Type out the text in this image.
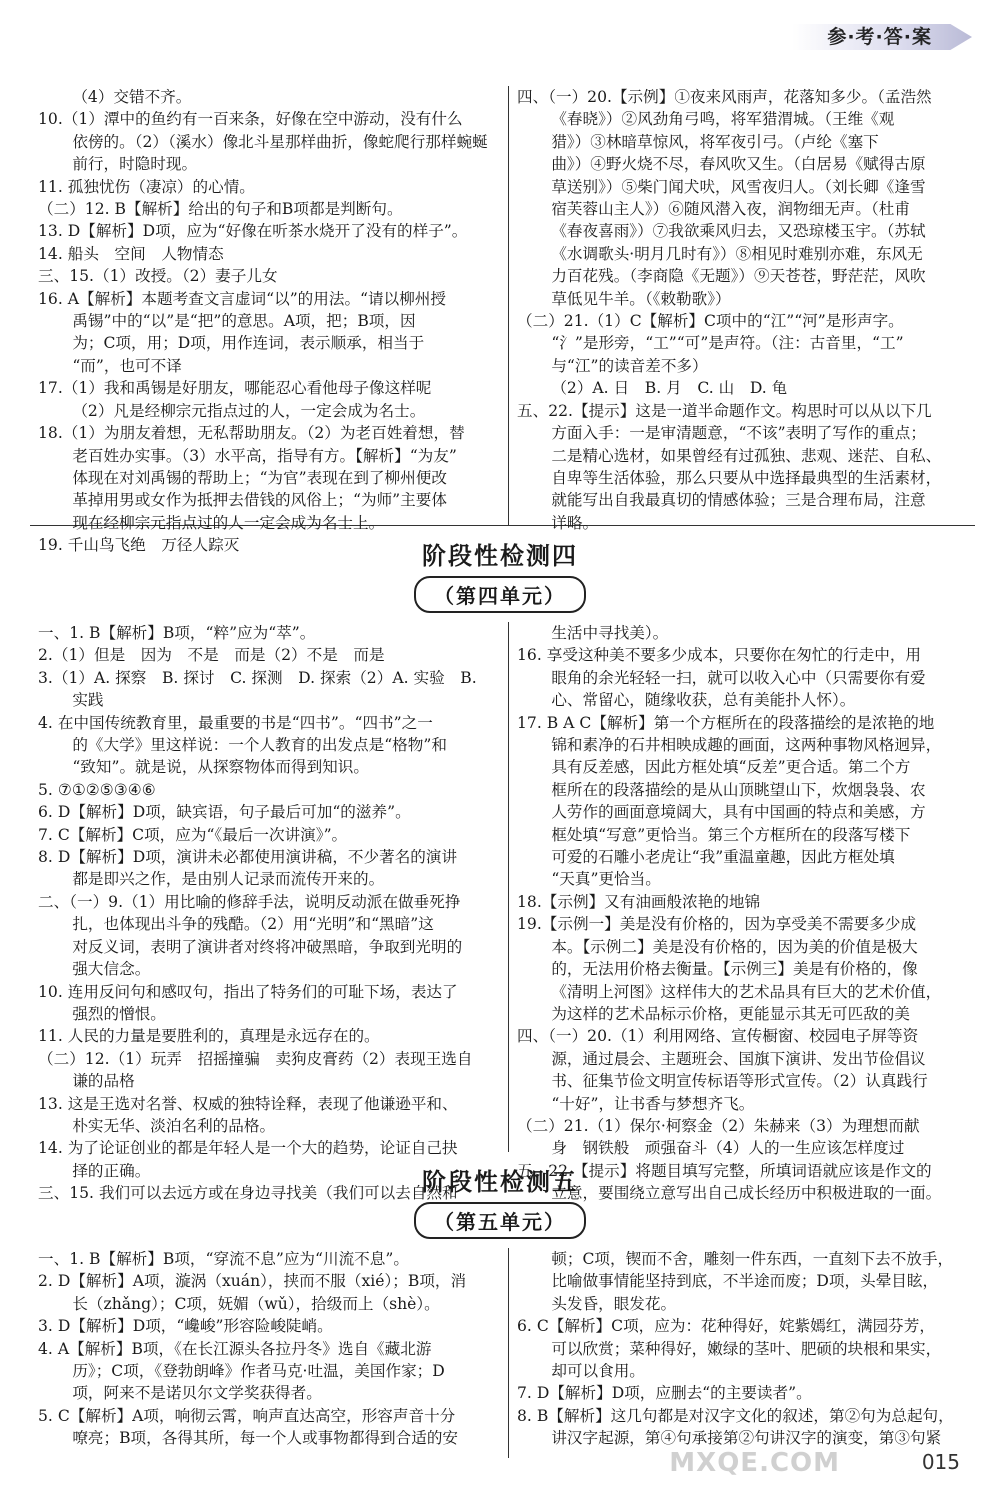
参·考·答·案

（4）交错不齐。

10.（1）潭中的鱼约有一百来条，好像在空中游动，没有什么

依傍的。（2）（溪水）像北斗星那样曲折，像蛇爬行那样蜿蜒

前行，时隐时现。

11. 孤独忧伤（凄凉）的心情。

（二）12. B【解析】给出的句子和B项都是判断句。

13. D【解析】D项，应为“好像在听茶水烧开了没有的样子”。

14. 船头　空间　人物情态

三、15.（1）改授。（2）妻子儿女

16. A【解析】本题考查文言虚词“以”的用法。“请以柳州授

禹锡”中的“以”是“把”的意思。A项，把；B项，因

为；C项，用；D项，用作连词，表示顺承，相当于

“而”，也可不译

17.（1）我和禹锡是好朋友，哪能忍心看他母子像这样呢

（2）凡是经柳宗元指点过的人，一定会成为名士。

18.（1）为朋友着想，无私帮助朋友。（2）为老百姓着想，替

老百姓办实事。（3）水平高，指导有方。【解析】“为友”

体现在对刘禹锡的帮助上；“为官”表现在到了柳州便改

革掉用男或女作为抵押去借钱的风俗上；“为师”主要体

现在经柳宗元指点过的人一定会成为名士上。

19. 千山鸟飞绝　万径人踪灭

四、（一）20.【示例】①夜来风雨声，花落知多少。（孟浩然

《春晓》）②风劲角弓鸣，将军猎渭城。（王维《观

猎》）③林暗草惊风，将军夜引弓。（卢纶《塞下

曲》）④野火烧不尽，春风吹又生。（白居易《赋得古原

草送别》）⑤柴门闻犬吠，风雪夜归人。（刘长卿《逢雪

宿芙蓉山主人》）⑥随风潜入夜，润物细无声。（杜甫

《春夜喜雨》）⑦我欲乘风归去，又恐琼楼玉宇。（苏轼

《水调歌头·明月几时有》）⑧相见时难别亦难，东风无

力百花残。（李商隐《无题》）⑨天苍苍，野茫茫，风吹

草低见牛羊。（《敕勒歌》）

（二）21.（1）C【解析】C项中的“江”“河”是形声字。

“氵”是形旁，“工”“可”是声符。（注：古音里，“工”

与“江”的读音差不多）

（2）A. 日　B. 月　C. 山　D. 龟

五、22.【提示】这是一道半命题作文。构思时可以从以下几

方面入手：一是审清题意，“不该”表明了写作的重点；

二是精心选材，如果曾经有过孤独、悲观、迷茫、自私、

自卑等生活体验，那么只要从中选择最典型的生活素材，

就能写出自我最真切的情感体验；三是合理布局，注意

详略。

阶段性检测四
（第四单元）

一、1. B【解析】B项，“粹”应为“萃”。

2.（1）但是　因为　不是　而是（2）不是　而是

3.（1）A. 探察　B. 探讨　C. 探测　D. 探索（2）A. 实验　B.

实践

4. 在中国传统教育里，最重要的书是“四书”。“四书”之一

的《大学》里这样说：一个人教育的出发点是“格物”和

“致知”。就是说，从探察物体而得到知识。

5. ⑦①②⑤③④⑥

6. D【解析】D项，缺宾语，句子最后可加“的滋养”。

7. C【解析】C项，应为“《最后一次讲演》”。

8. D【解析】D项，演讲未必都使用演讲稿，不少著名的演讲

都是即兴之作，是由别人记录而流传开来的。

二、（一）9.（1）用比喻的修辞手法，说明反动派在做垂死挣

扎，也体现出斗争的残酷。（2）用“光明”和“黑暗”这

对反义词，表明了演讲者对终将冲破黑暗，争取到光明的

强大信念。

10. 连用反问句和感叹句，指出了特务们的可耻下场，表达了

强烈的憎恨。

11. 人民的力量是要胜利的，真理是永远存在的。

（二）12.（1）玩弄　招摇撞骗　卖狗皮膏药（2）表现王选自

谦的品格

13. 这是王选对名誉、权威的独特诠释，表现了他谦逊平和、

朴实无华、淡泊名利的品格。

14. 为了论证创业的都是年轻人是一个大的趋势，论证自己抉

择的正确。

三、15. 我们可以去远方或在身边寻找美（我们可以去自然和

生活中寻找美）。

16. 享受这种美不要多少成本，只要你在匆忙的行走中，用

眼角的余光轻轻一扫，就可以收入心中（只需要你有爱

心、常留心，随缘收获，总有美能扑人怀）。

17. B A C【解析】第一个方框所在的段落描绘的是浓艳的地

锦和素净的石井相映成趣的画面，这两种事物风格迥异，

具有反差感，因此方框处填“反差”更合适。第二个方

框所在的段落描绘的是从山顶眺望山下，炊烟袅袅、农

人劳作的画面意境阔大，具有中国画的特点和美感，方

框处填“写意”更恰当。第三个方框所在的段落写楼下

可爱的石雕小老虎让“我”重温童趣，因此方框处填

“天真”更恰当。

18.【示例】又有油画般浓艳的地锦

19.【示例一】美是没有价格的，因为享受美不需要多少成

本。【示例二】美是没有价格的，因为美的价值是极大

的，无法用价格去衡量。【示例三】美是有价格的，像

《清明上河图》这样伟大的艺术品具有巨大的艺术价值，

为这样的艺术品标示价格，更能显示其无可匹敌的美

四、（一）20.（1）利用网络、宣传橱窗、校园电子屏等资

源，通过晨会、主题班会、国旗下演讲、发出节俭倡议

书、征集节俭文明宣传标语等形式宣传。（2）认真践行

“十好”，让书香与梦想齐飞。

（二）21.（1）保尔·柯察金（2）朱赫来（3）为理想而献

身　钢铁般　顽强奋斗（4）人的一生应该怎样度过

五、22.【提示】将题目填写完整，所填词语就应该是作文的

立意，要围绕立意写出自己成长经历中积极进取的一面。

阶段性检测五
（第五单元）

一、1. B【解析】B项，“穿流不息”应为“川流不息”。

2. D【解析】A项，漩涡（xuán），挟而不服（xié）；B项，消

长（zhǎng）；C项，妩媚（wǔ），拾级而上（shè）。

3. D【解析】D项，“巉峻”形容险峻陡峭。

4. A【解析】B项，《在长江源头各拉丹冬》选自《藏北游

历》；C项，《登勃朗峰》作者马克·吐温，美国作家；D

项，阿来不是诺贝尔文学奖获得者。

5. C【解析】A项，响彻云霄，响声直达高空，形容声音十分

嘹亮；B项，各得其所，每一个人或事物都得到合适的安

顿；C项，锲而不舍，雕刻一件东西，一直刻下去不放手，

比喻做事情能坚持到底，不半途而废；D项，头晕目眩，

头发昏，眼发花。

6. C【解析】C项，应为：花种得好，姹紫嫣红，满园芬芳，

可以欣赏；菜种得好，嫩绿的茎叶、肥硕的块根和果实，

却可以食用。

7. D【解析】D项，应删去“的主要读者”。

8. B【解析】这几句都是对汉字文化的叙述，第②句为总起句，

讲汉字起源，第④句承接第②句讲汉字的演变，第③句紧

MXQE.COM	015
